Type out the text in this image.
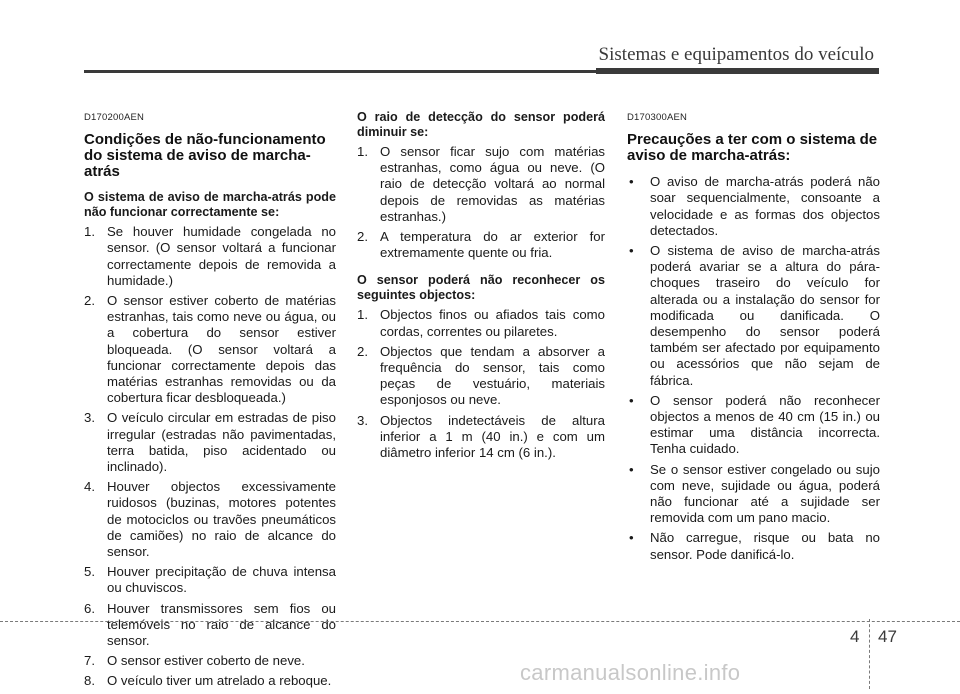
Sistemas e equipamentos do veículo
D170200AEN
Condições de não-funcionamento do sistema de aviso de marcha-atrás
O sistema de aviso de marcha-atrás pode não funcionar correctamente se:
1. Se houver humidade congelada no sensor. (O sensor voltará a funcionar correctamente depois de removida a humidade.)
2. O sensor estiver coberto de matérias estranhas, tais como neve ou água, ou a cobertura do sensor estiver bloqueada. (O sensor voltará a funcionar correctamente depois das matérias estranhas removidas ou da cobertura ficar desbloqueada.)
3. O veículo circular em estradas de piso irregular (estradas não pavimentadas, terra batida, piso acidentado ou inclinado).
4. Houver objectos excessivamente ruidosos (buzinas, motores potentes de motociclos ou travões pneumáticos de camiões) no raio de alcance do sensor.
5. Houver precipitação de chuva intensa ou chuviscos.
6. Houver transmissores sem fios ou telemóveis no raio de alcance do sensor.
7. O sensor estiver coberto de neve.
8. O veículo tiver um atrelado a reboque.
O raio de detecção do sensor poderá diminuir se:
1. O sensor ficar sujo com matérias estranhas, como água ou neve. (O raio de detecção voltará ao normal depois de removidas as matérias estranhas.)
2. A temperatura do ar exterior for extremamente quente ou fria.
O sensor poderá não reconhecer os seguintes objectos:
1. Objectos finos ou afiados tais como cordas, correntes ou pilaretes.
2. Objectos que tendam a absorver a frequência do sensor, tais como peças de vestuário, materiais esponjosos ou neve.
3. Objectos indetectáveis de altura inferior a 1 m (40 in.) e com um diâmetro inferior 14 cm (6 in.).
D170300AEN
Precauções a ter com o sistema de aviso de marcha-atrás:
• O aviso de marcha-atrás poderá não soar sequencialmente, consoante a velocidade e as formas dos objectos detectados.
• O sistema de aviso de marcha-atrás poderá avariar se a altura do pára-choques traseiro do veículo for alterada ou a instalação do sensor for modificada ou danificada. O desempenho do sensor poderá também ser afectado por equipamento ou acessórios que não sejam de fábrica.
• O sensor poderá não reconhecer objectos a menos de 40 cm (15 in.) ou estimar uma distância incorrecta. Tenha cuidado.
• Se o sensor estiver congelado ou sujo com neve, sujidade ou água, poderá não funcionar até a sujidade ser removida com um pano macio.
• Não carregue, risque ou bata no sensor. Pode danificá-lo.
4 47
carmanualsonline.info
